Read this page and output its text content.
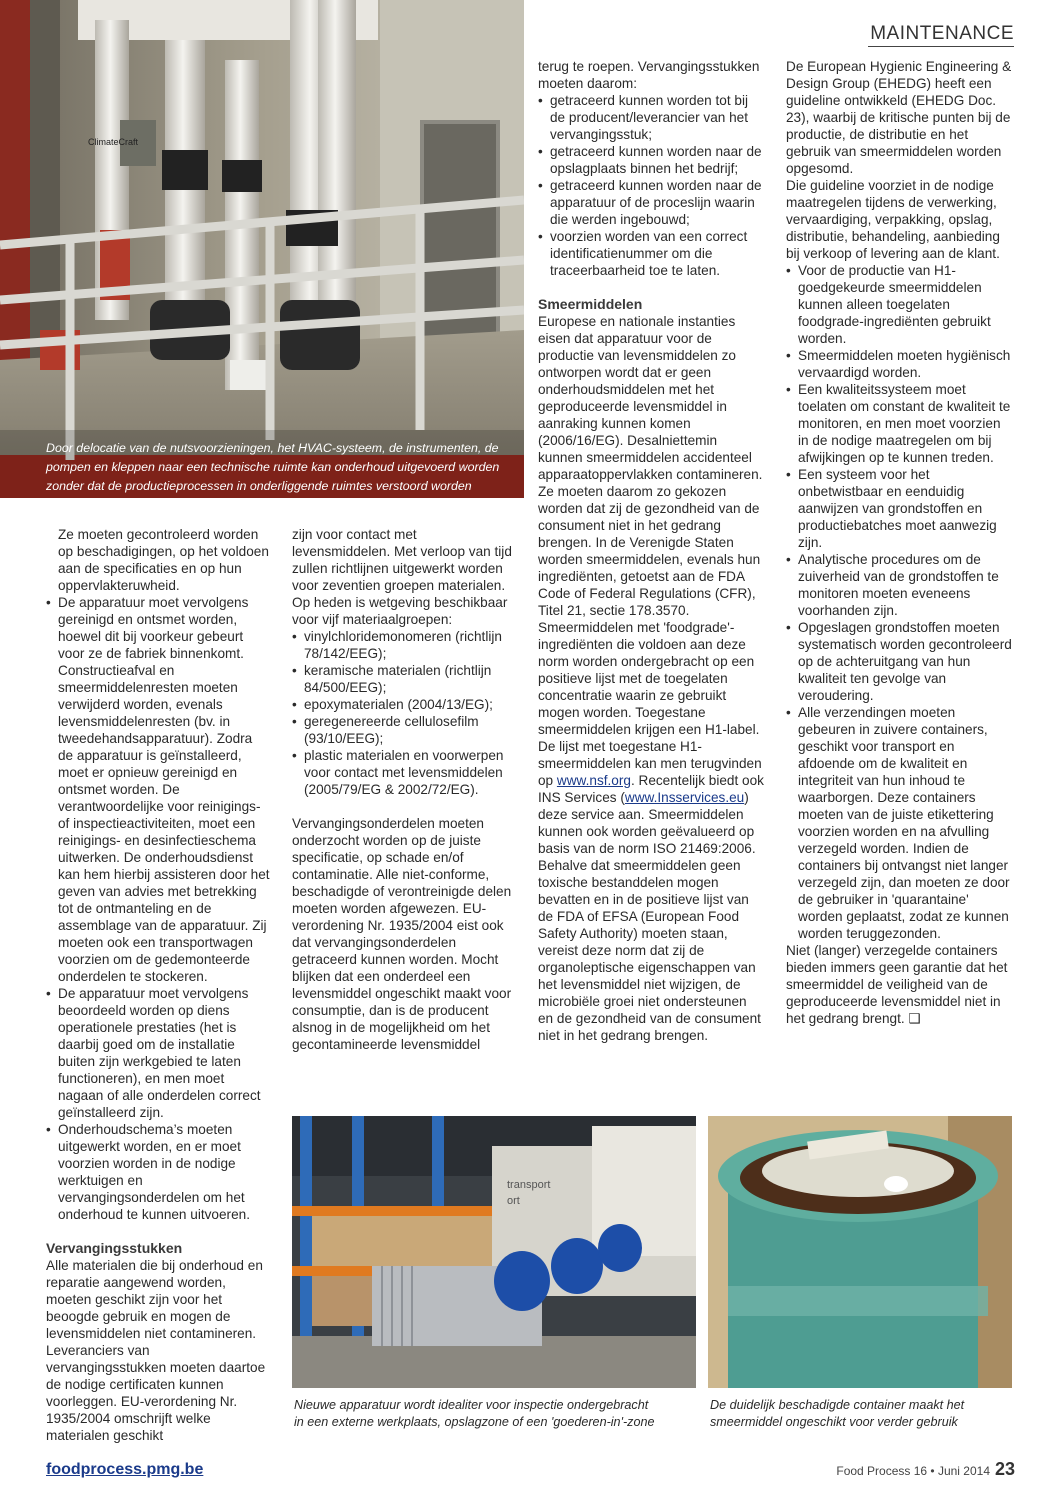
MAINTENANCE
ClimateCraft
Door delocatie van de nutsvoorzieningen, het HVAC-systeem, de instrumenten, de
pompen en kleppen naar een technische ruimte kan onderhoud uitgevoerd worden
zonder dat de productieprocessen in onderliggende ruimtes verstoord worden

Ze moeten gecontroleerd worden op beschadigingen, op het voldoen aan de specificaties en op hun oppervlakteruwheid.

• De apparatuur moet vervolgens gereinigd en ontsmet worden, hoewel dit bij voorkeur gebeurt voor ze de fabriek binnenkomt. Constructieafval en smeermiddelenresten moeten verwijderd worden, evenals levensmiddelenresten (bv. in tweedehandsapparatuur). Zodra de apparatuur is geïnstalleerd, moet er opnieuw gereinigd en ontsmet worden. De verantwoordelijke voor reinigings- of inspectieactiviteiten, moet een reinigings- en desinfectieschema uitwerken. De onderhoudsdienst kan hem hierbij assisteren door het geven van advies met betrekking tot de ontmanteling en de assemblage van de apparatuur. Zij moeten ook een transportwagen voorzien om de gedemonteerde onderdelen te stockeren.

• De apparatuur moet vervolgens beoordeeld worden op diens operationele prestaties (het is daarbij goed om de installatie buiten zijn werkgebied te laten functioneren), en men moet nagaan of alle onderdelen correct geïnstalleerd zijn.

• Onderhoudschema’s moeten uitgewerkt worden, en er moet voorzien worden in de nodige werktuigen en vervangingsonderdelen om het onderhoud te kunnen uitvoeren.

Vervangingsstukken

Alle materialen die bij onderhoud en reparatie aangewend worden, moeten geschikt zijn voor het beoogde gebruik en mogen de levensmiddelen niet contamineren. Leveranciers van vervangingsstukken moeten daartoe de nodige certificaten kunnen voorleggen. EU-verordening Nr. 1935/2004 omschrijft welke materialen geschikt

zijn voor contact met levensmiddelen. Met verloop van tijd zullen richtlijnen uitgewerkt worden voor zeventien groepen materialen. Op heden is wetgeving beschikbaar voor vijf materiaalgroepen:

• vinylchloridemonomeren (richtlijn 78/142/EEG);

• keramische materialen (richtlijn 84/500/EEG);

• epoxymaterialen (2004/13/EG);

• geregenereerde cellulosefilm (93/10/EEG);

• plastic materialen en voorwerpen voor contact met levensmiddelen (2005/79/EG & 2002/72/EG).

Vervangingsonderdelen moeten onderzocht worden op de juiste specificatie, op schade en/of contaminatie. Alle niet-conforme, beschadigde of verontreinigde delen moeten worden afgewezen. EU-verordening Nr. 1935/2004 eist ook dat vervangingsonderdelen getraceerd kunnen worden. Mocht blijken dat een onderdeel een levensmiddel ongeschikt maakt voor consumptie, dan is de producent alsnog in de mogelijkheid om het gecontamineerde levensmiddel

terug te roepen. Vervangingsstukken moeten daarom:

• getraceerd kunnen worden tot bij de producent/leverancier van het vervangingsstuk;

• getraceerd kunnen worden naar de opslagplaats binnen het bedrijf;

• getraceerd kunnen worden naar de apparatuur of de proceslijn waarin die werden ingebouwd;

• voorzien worden van een correct identificatienummer om die traceerbaarheid toe te laten.

Smeermiddelen

Europese en nationale instanties eisen dat apparatuur voor de productie van levensmiddelen zo ontworpen wordt dat er geen onderhoudsmiddelen met het geproduceerde levensmiddel in aanraking kunnen komen (2006/16/EG). Desalniettemin kunnen smeermiddelen accidenteel apparaatoppervlakken contamineren. Ze moeten daarom zo gekozen worden dat zij de gezondheid van de consument niet in het gedrang brengen. In de Verenigde Staten worden smeermiddelen, evenals hun ingrediënten, getoetst aan de FDA Code of Federal Regulations (CFR), Titel 21, sectie 178.3570. Smeermiddelen met 'foodgrade'-ingrediënten die voldoen aan deze norm worden ondergebracht op een positieve lijst met de toegelaten concentratie waarin ze gebruikt mogen worden. Toegestane smeermiddelen krijgen een H1-label.

De lijst met toegestane H1-smeermiddelen kan men terugvinden op www.nsf.org. Recentelijk biedt ook INS Services (www.Insservices.eu) deze service aan. Smeermiddelen kunnen ook worden geëvalueerd op basis van de norm ISO 21469:2006.

Behalve dat smeermiddelen geen toxische bestanddelen mogen bevatten en in de positieve lijst van de FDA of EFSA (European Food Safety Authority) moeten staan, vereist deze norm dat zij de organoleptische eigenschappen van het levensmiddel niet wijzigen, de microbiële groei niet ondersteunen en de gezondheid van de consument niet in het gedrang brengen.

De European Hygienic Engineering & Design Group (EHEDG) heeft een guideline ontwikkeld (EHEDG Doc. 23), waarbij de kritische punten bij de productie, de distributie en het gebruik van smeermiddelen worden opgesomd.

Die guideline voorziet in de nodige maatregelen tijdens de verwerking, vervaardiging, verpakking, opslag, distributie, behandeling, aanbieding bij verkoop of levering aan de klant.

• Voor de productie van H1-goedgekeurde smeermiddelen kunnen alleen toegelaten foodgrade-ingrediënten gebruikt worden.

• Smeermiddelen moeten hygiënisch vervaardigd worden.

• Een kwaliteitssysteem moet toelaten om constant de kwaliteit te monitoren, en men moet voorzien in de nodige maatregelen om bij afwijkingen op te kunnen treden.

• Een systeem voor het onbetwistbaar en eenduidig aanwijzen van grondstoffen en productiebatches moet aanwezig zijn.

• Analytische procedures om de zuiverheid van de grondstoffen te monitoren moeten eveneens voorhanden zijn.

• Opgeslagen grondstoffen moeten systematisch worden gecontroleerd op de achteruitgang van hun kwaliteit ten gevolge van veroudering.

• Alle verzendingen moeten gebeuren in zuivere containers, geschikt voor transport en afdoende om de kwaliteit en integriteit van hun inhoud te waarborgen. Deze containers moeten van de juiste etikettering voorzien worden en na afvulling verzegeld worden. Indien de containers bij ontvangst niet langer verzegeld zijn, dan moeten ze door de gebruiker in 'quarantaine' worden geplaatst, zodat ze kunnen worden teruggezonden.

Niet (langer) verzegelde containers bieden immers geen garantie dat het smeermiddel de veiligheid van de geproduceerde levensmiddel niet in het gedrang brengt. ❑

transport
ort
Nieuwe apparatuur wordt idealiter voor inspectie ondergebracht
in een externe werkplaats, opslagzone of een 'goederen-in'-zone
De duidelijk beschadigde container maakt het
smeermiddel ongeschikt voor verder gebruik
foodprocess.pmg.be	Food Process 16 • Juni 2014 23
